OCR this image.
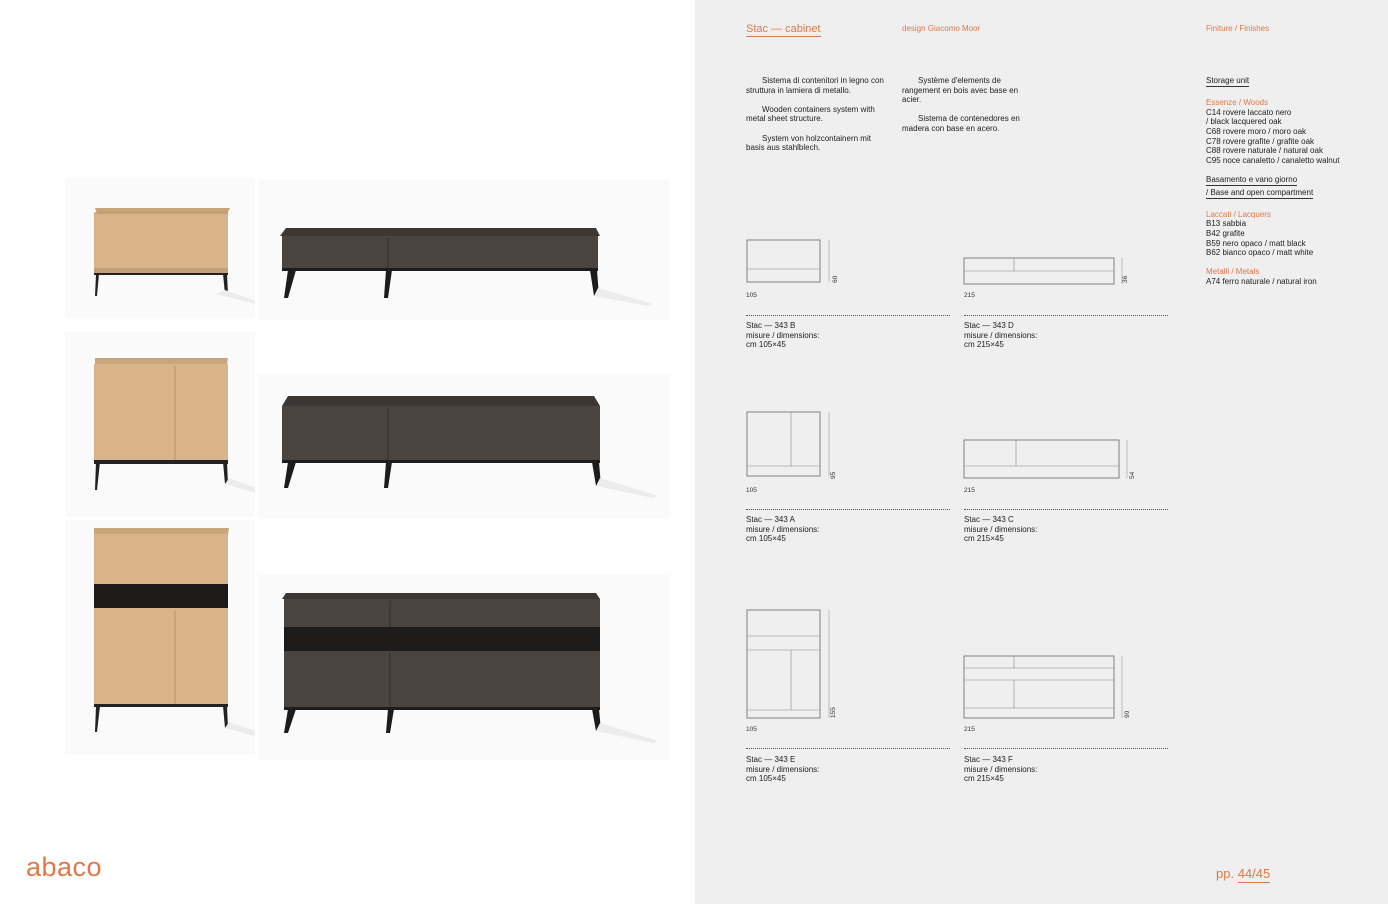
abaco
Stac — cabinet	design Giacomo Moor	Finiture / Finishes

Sistema di contenitori in legno con struttura in lamiera di metallo.

Wooden containers system with metal sheet structure.

System von holzcontainern mit basis aus stahlblech.

Système d'elements de rangement en bois avec base en acier.

Sistema de contenedores en madera con base en acero.

Storage unit
Essenze / Woods
C14 rovere laccato nero
/ black lacquered oak
C68 rovere moro / moro oak
C78 rovere grafite / grafite oak
C88 rovere naturale / natural oak
C95 noce canaletto / canaletto walnut
Basamento e vano giorno
/ Base and open compartment
Laccati / Lacquers
B13 sabbia
B42 grafite
B59 nero opaco / matt black
B62 bianco opaco / matt white
Metalli / Metals
A74 ferro naturale / natural iron
105
60
215
36
105
95
215
54
105
155
215
90
Stac — 343 B
misure / dimensions:
cm 105×45
Stac — 343 D
misure / dimensions:
cm 215×45
Stac — 343 A
misure / dimensions:
cm 105×45
Stac — 343 C
misure / dimensions:
cm 215×45
Stac — 343 E
misure / dimensions:
cm 105×45
Stac — 343 F
misure / dimensions:
cm 215×45
pp. 44/45
